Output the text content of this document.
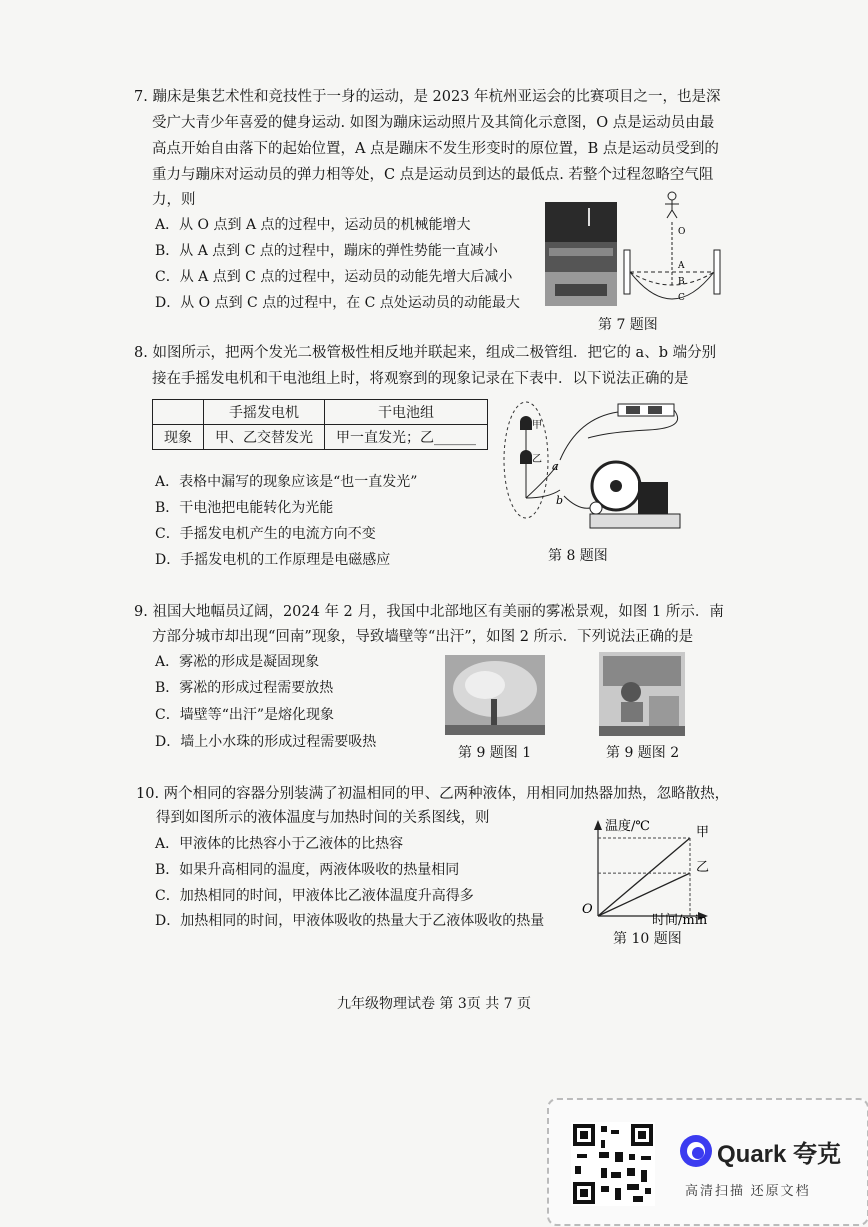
7. 蹦床是集艺术性和竞技性于一身的运动，是 2023 年杭州亚运会的比赛项目之一，也是深
受广大青少年喜爱的健身运动. 如图为蹦床运动照片及其简化示意图，O 点是运动员由最
高点开始自由落下的起始位置，A 点是蹦床不发生形变时的原位置，B 点是运动员受到的
重力与蹦床对运动员的弹力相等处，C 点是运动员到达的最低点. 若整个过程忽略空气阻
力，则
A．从 O 点到 A 点的过程中，运动员的机械能增大
B．从 A 点到 C 点的过程中，蹦床的弹性势能一直减小
C．从 A 点到 C 点的过程中，运动员的动能先增大后减小
D．从 O 点到 C 点的过程中，在 C 点处运动员的动能最大
O
A
B
C
第 7 题图
8. 如图所示，把两个发光二极管极性相反地并联起来，组成二极管组．把它的 a、b 端分别
接在手摇发电机和干电池组上时，将观察到的现象记录在下表中．以下说法正确的是
	手摇发电机	干电池组
现象	甲、乙交替发光	甲一直发光；乙______
A．表格中漏写的现象应该是“也一直发光”
B．干电池把电能转化为光能
C．手摇发电机产生的电流方向不变
D．手摇发电机的工作原理是电磁感应
甲
乙
a
b
第 8 题图
9. 祖国大地幅员辽阔，2024 年 2 月，我国中北部地区有美丽的雾凇景观，如图 1 所示．南
方部分城市却出现“回南”现象，导致墙壁等“出汗”，如图 2 所示．下列说法正确的是
A．雾凇的形成是凝固现象
B．雾凇的形成过程需要放热
C．墙壁等“出汗”是熔化现象
D．墙上小水珠的形成过程需要吸热
第 9 题图 1	第 9 题图 2
10. 两个相同的容器分别装满了初温相同的甲、乙两种液体，用相同加热器加热，忽略散热，
得到如图所示的液体温度与加热时间的关系图线，则
A．甲液体的比热容小于乙液体的比热容
B．如果升高相同的温度，两液体吸收的热量相同
C．加热相同的时间，甲液体比乙液体温度升高得多
D．加热相同的时间，甲液体吸收的热量大于乙液体吸收的热量
温度/℃
时间/min
O
甲
乙
第 10 题图
九年级物理试卷 第 3页 共 7 页
Quark 夸克
高清扫描 还原文档
